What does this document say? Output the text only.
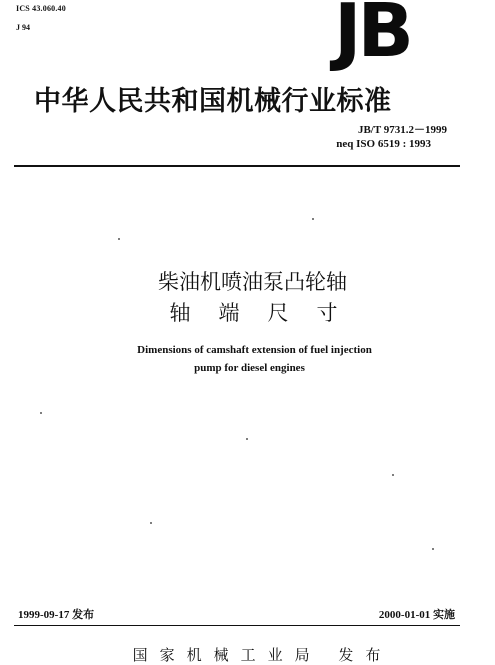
ICS 43.060.40
J 94	JB
中华人民共和国机械行业标准
JB/T 9731.2－1999
neq ISO 6519 : 1993
柴油机喷油泵凸轮轴
轴端尺寸
Dimensions of camshaft extension of fuel injection
pump for diesel engines
1999-09-17 发布	2000-01-01 实施
国家机械工业局 发布
